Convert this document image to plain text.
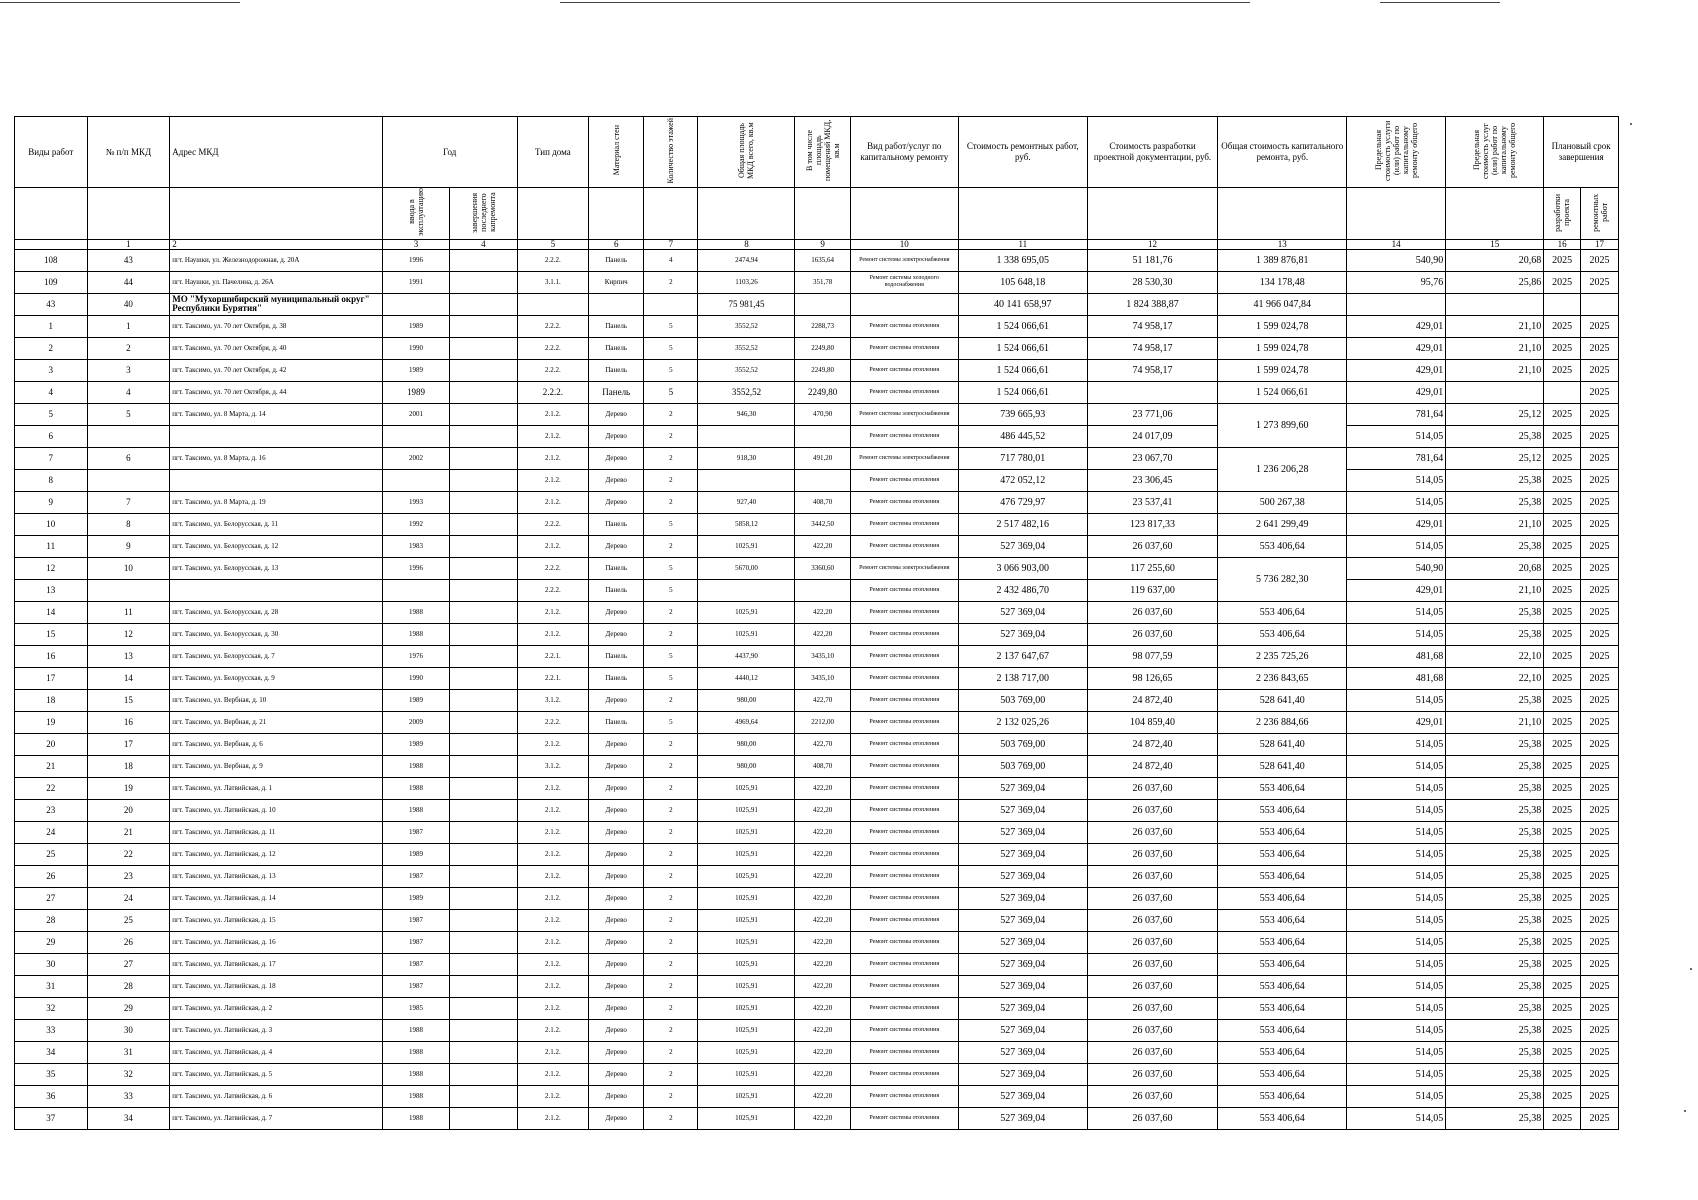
Виды работ	№ п/п МКД	Адрес МКД	Год		Тип дома	Материал стен	Количество этажей	Общая площадь МКД всего, кв.м	В том числе площадь помещений МКД, кв.м	Вид работ/услуг по капитальному ремонту	Стоимость ремонтных работ, руб.	Стоимость разработки проектной документации, руб.	Общая стоимость капитального ремонта, руб.	Предельная стоимость услуги (или) работ по капитальному ремонту общего	Предельная стоимость услуг (или) работ по капитальному ремонту общего	Плановый срок завершения	
			ввода в эксплуатацию	завершения последнего капремонта												разработки проекта	ремонтных работ
	1	2	3	4	5	6	7	8	9	10	11	12	13	14	15	16	17
108	43	пгт. Наушки, ул. Железнодорожная, д. 20А	1996		2.2.2.	Панель	4	2474,94	1635,64	Ремонт системы электроснабжения	1 338 695,05	51 181,76	1 389 876,81	540,90	20,68	2025	2025
109	44	пгт. Наушки, ул. Пачелина, д. 26А	1991		3.1.1.	Кирпич	2	1103,26	351,78	Ремонт системы холодного водоснабжения	105 648,18	28 530,30	134 178,48	95,76	25,86	2025	2025
43	40	МО "Мухоршибирский муниципальный округ" Республики Бурятия"						75 981,45			40 141 658,97	1 824 388,87	41 966 047,84				
1	1	пгт. Таксимо, ул. 70 лет Октября, д. 38	1989		2.2.2.	Панель	5	3552,52	2288,73	Ремонт системы отопления	1 524 066,61	74 958,17	1 599 024,78	429,01	21,10	2025	2025
2	2	пгт. Таксимо, ул. 70 лет Октября, д. 40	1990		2.2.2.	Панель	5	3552,52	2249,80	Ремонт системы отопления	1 524 066,61	74 958,17	1 599 024,78	429,01	21,10	2025	2025
3	3	пгт. Таксимо, ул. 70 лет Октября, д. 42	1989		2.2.2.	Панель	5	3552,52	2249,80	Ремонт системы отопления	1 524 066,61	74 958,17	1 599 024,78	429,01	21,10	2025	2025
4	4	пгт. Таксимо, ул. 70 лет Октября, д. 44	1989		2.2.2.	Панель	5	3552,52	2249,80	Ремонт системы отопления	1 524 066,61		1 524 066,61	429,01			2025
5	5	пгт. Таксимо, ул. 8 Марта, д. 14	2001		2.1.2.	Дерево	2	946,30	470,90	Ремонт системы электроснабжения	739 665,93	23 771,06	1 273 899,60	781,64	25,12	2025	2025
6					2.1.2.	Дерево	2			Ремонт системы отопления	486 445,52	24 017,09		514,05	25,38	2025	2025
7	6	пгт. Таксимо, ул. 8 Марта, д. 16	2002		2.1.2.	Дерево	2	918,30	491,20	Ремонт системы электроснабжения	717 780,01	23 067,70	1 236 206,28	781,64	25,12	2025	2025
8					2.1.2.	Дерево	2			Ремонт системы отопления	472 052,12	23 306,45		514,05	25,38	2025	2025
9	7	пгт. Таксимо, ул. 8 Марта, д. 19	1993		2.1.2.	Дерево	2	927,40	408,70	Ремонт системы отопления	476 729,97	23 537,41	500 267,38	514,05	25,38	2025	2025
10	8	пгт. Таксимо, ул. Белорусская, д. 11	1992		2.2.2.	Панель	5	5858,12	3442,50	Ремонт системы отопления	2 517 482,16	123 817,33	2 641 299,49	429,01	21,10	2025	2025
11	9	пгт. Таксимо, ул. Белорусская, д. 12	1983		2.1.2.	Дерево	2	1025,91	422,20	Ремонт системы отопления	527 369,04	26 037,60	553 406,64	514,05	25,38	2025	2025
12	10	пгт. Таксимо, ул. Белорусская, д. 13	1996		2.2.2.	Панель	5	5670,00	3360,60	Ремонт системы электроснабжения	3 066 903,00	117 255,60	5 736 282,30	540,90	20,68	2025	2025
13					2.2.2.	Панель	5			Ремонт системы отопления	2 432 486,70	119 637,00		429,01	21,10	2025	2025
14	11	пгт. Таксимо, ул. Белорусская, д. 28	1988		2.1.2.	Дерево	2	1025,91	422,20	Ремонт системы отопления	527 369,04	26 037,60	553 406,64	514,05	25,38	2025	2025
15	12	пгт. Таксимо, ул. Белорусская, д. 30	1988		2.1.2.	Дерево	2	1025,91	422,20	Ремонт системы отопления	527 369,04	26 037,60	553 406,64	514,05	25,38	2025	2025
16	13	пгт. Таксимо, ул. Белорусская, д. 7	1976		2.2.1.	Панель	5	4437,90	3435,10	Ремонт системы отопления	2 137 647,67	98 077,59	2 235 725,26	481,68	22,10	2025	2025
17	14	пгт. Таксимо, ул. Белорусская, д. 9	1990		2.2.1.	Панель	5	4440,12	3435,10	Ремонт системы отопления	2 138 717,00	98 126,65	2 236 843,65	481,68	22,10	2025	2025
18	15	пгт. Таксимо, ул. Вербная, д. 10	1989		3.1.2.	Дерево	2	980,00	422,70	Ремонт системы отопления	503 769,00	24 872,40	528 641,40	514,05	25,38	2025	2025
19	16	пгт. Таксимо, ул. Вербная, д. 21	2009		2.2.2.	Панель	5	4969,64	2212,00	Ремонт системы отопления	2 132 025,26	104 859,40	2 236 884,66	429,01	21,10	2025	2025
20	17	пгт. Таксимо, ул. Вербная, д. 6	1989		2.1.2.	Дерево	2	980,00	422,70	Ремонт системы отопления	503 769,00	24 872,40	528 641,40	514,05	25,38	2025	2025
21	18	пгт. Таксимо, ул. Вербная, д. 9	1988		3.1.2.	Дерево	2	980,00	408,70	Ремонт системы отопления	503 769,00	24 872,40	528 641,40	514,05	25,38	2025	2025
22	19	пгт. Таксимо, ул. Латвийская, д. 1	1988		2.1.2.	Дерево	2	1025,91	422,20	Ремонт системы отопления	527 369,04	26 037,60	553 406,64	514,05	25,38	2025	2025
23	20	пгт. Таксимо, ул. Латвийская, д. 10	1988		2.1.2.	Дерево	2	1025,91	422,20	Ремонт системы отопления	527 369,04	26 037,60	553 406,64	514,05	25,38	2025	2025
24	21	пгт. Таксимо, ул. Латвийская, д. 11	1987		2.1.2.	Дерево	2	1025,91	422,20	Ремонт системы отопления	527 369,04	26 037,60	553 406,64	514,05	25,38	2025	2025
25	22	пгт. Таксимо, ул. Латвийская, д. 12	1989		2.1.2.	Дерево	2	1025,91	422,20	Ремонт системы отопления	527 369,04	26 037,60	553 406,64	514,05	25,38	2025	2025
26	23	пгт. Таксимо, ул. Латвийская, д. 13	1987		2.1.2.	Дерево	2	1025,91	422,20	Ремонт системы отопления	527 369,04	26 037,60	553 406,64	514,05	25,38	2025	2025
27	24	пгт. Таксимо, ул. Латвийская, д. 14	1989		2.1.2.	Дерево	2	1025,91	422,20	Ремонт системы отопления	527 369,04	26 037,60	553 406,64	514,05	25,38	2025	2025
28	25	пгт. Таксимо, ул. Латвийская, д. 15	1987		2.1.2.	Дерево	2	1025,91	422,20	Ремонт системы отопления	527 369,04	26 037,60	553 406,64	514,05	25,38	2025	2025
29	26	пгт. Таксимо, ул. Латвийская, д. 16	1987		2.1.2.	Дерево	2	1025,91	422,20	Ремонт системы отопления	527 369,04	26 037,60	553 406,64	514,05	25,38	2025	2025
30	27	пгт. Таксимо, ул. Латвийская, д. 17	1987		2.1.2.	Дерево	2	1025,91	422,20	Ремонт системы отопления	527 369,04	26 037,60	553 406,64	514,05	25,38	2025	2025
31	28	пгт. Таксимо, ул. Латвийская, д. 18	1987		2.1.2.	Дерево	2	1025,91	422,20	Ремонт системы отопления	527 369,04	26 037,60	553 406,64	514,05	25,38	2025	2025
32	29	пгт. Таксимо, ул. Латвийская, д. 2	1985		2.1.2.	Дерево	2	1025,91	422,20	Ремонт системы отопления	527 369,04	26 037,60	553 406,64	514,05	25,38	2025	2025
33	30	пгт. Таксимо, ул. Латвийская, д. 3	1988		2.1.2.	Дерево	2	1025,91	422,20	Ремонт системы отопления	527 369,04	26 037,60	553 406,64	514,05	25,38	2025	2025
34	31	пгт. Таксимо, ул. Латвийская, д. 4	1988		2.1.2.	Дерево	2	1025,91	422,20	Ремонт системы отопления	527 369,04	26 037,60	553 406,64	514,05	25,38	2025	2025
35	32	пгт. Таксимо, ул. Латвийская, д. 5	1988		2.1.2.	Дерево	2	1025,91	422,20	Ремонт системы отопления	527 369,04	26 037,60	553 406,64	514,05	25,38	2025	2025
36	33	пгт. Таксимо, ул. Латвийская, д. 6	1988		2.1.2.	Дерево	2	1025,91	422,20	Ремонт системы отопления	527 369,04	26 037,60	553 406,64	514,05	25,38	2025	2025
37	34	пгт. Таксимо, ул. Латвийская, д. 7	1988		2.1.2.	Дерево	2	1025,91	422,20	Ремонт системы отопления	527 369,04	26 037,60	553 406,64	514,05	25,38	2025	2025
